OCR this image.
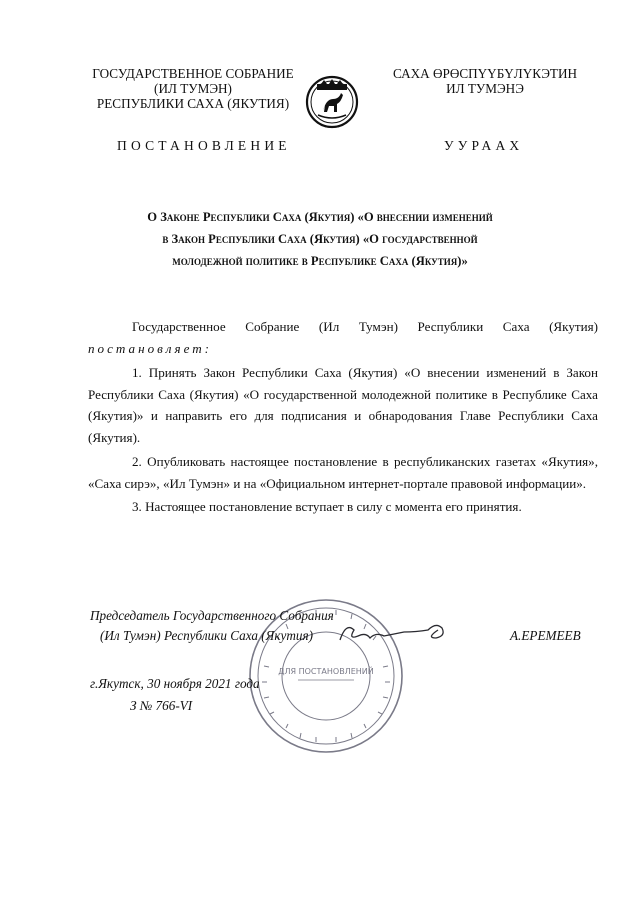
ГОСУДАРСТВЕННОЕ СОБРАНИЕ
(ИЛ ТУМЭН)
РЕСПУБЛИКИ САХА (ЯКУТИЯ)
САХА ӨРӨСПҮҮБҮЛҮКЭТИН
ИЛ ТУМЭНЭ
ПОСТАНОВЛЕНИЕ	УУРААХ
О Законе Республики Саха (Якутия) «О внесении изменений
в Закон Республики Саха (Якутия) «О государственной
молодежной политике в Республике Саха (Якутия)»
Государственное Собрание (Ил Тумэн) Республики Саха (Якутия)
постановляет:
1. Принять Закон Республики Саха (Якутия) «О внесении изменений в Закон Республики Саха (Якутия) «О государственной молодежной политике в Республике Саха (Якутия)» и направить его для подписания и обнародования Главе Республики Саха (Якутия).
2. Опубликовать настоящее постановление в республиканских газетах «Якутия», «Саха сирэ», «Ил Тумэн» и на «Официальном интернет-портале правовой информации».
3. Настоящее постановление вступает в силу с момента его принятия.
ДЛЯ ПОСТАНОВЛЕНИЙ
Председатель Государственного Собрания
(Ил Тумэн) Республики Саха (Якутия)	А.ЕРЕМЕЕВ
г.Якутск, 30 ноября 2021 года
З № 766-VI
